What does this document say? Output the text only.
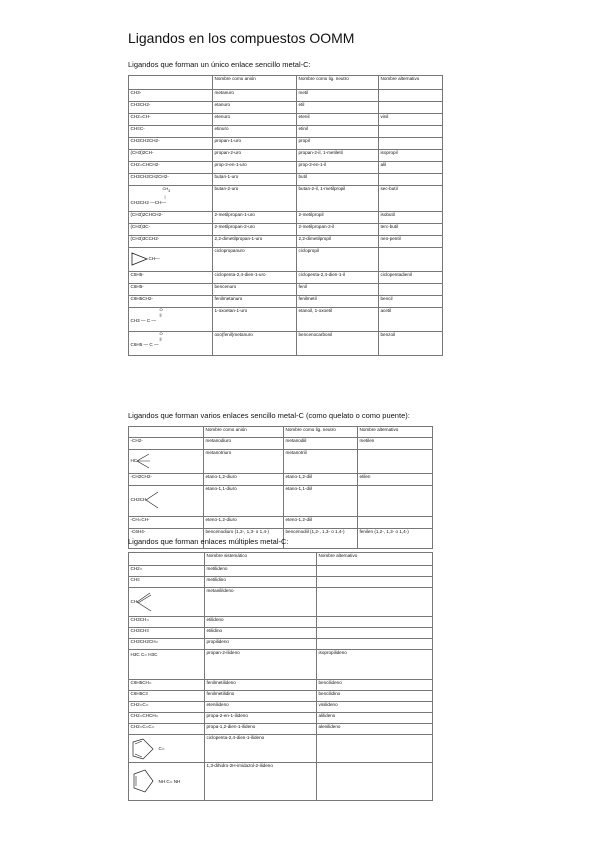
Ligandos en los compuestos OOMM
Ligandos que forman un único enlace sencillo metal-C:
	Nombre como anión	Nombre como lig. neutro	Nombre alternativo
CH3-	metanuro	metil	
CH3CH2-	etanuro	etil	
CH2=CH-	etenuro	etenil	vinil
CH≡C-	etinuro	etinil	
CH3CH2CH2-	propan-1-uro	propil	
(CH3)2CH-	propan-2-uro	propan-2-il, 1-metiletil	isopropil
CH2=CHCH2-	prop-2-en-1-uro	prop-2-en-1-il	alil
CH3CH2CH2CH2-	butan-1-uro	butil	

$CH_3$
|
CH3CH2 —CH—	butan-2-uro	butan-2-il, 1-metilpropil	sec-butil
(CH3)2CHCH2-	2-metilpropan-1-uro	2-metilpropil	isobutil
(CH3)3C-	2-metilpropan-2-uro	2-metilpropan-2-il	terc-butil
(CH3)3CCH2-	2,2-dimetilpropan-1-uro	2,2-dimetilpropil	neo-pentil

CH—	ciclopropanuro	ciclopropil	
C5H5-	ciclopenta-2,4-dien-1-uro	ciclopenta-2,4-dien-1-il	ciclopentadienil
C6H5-	bencenuro	fenil	
C6H5CH2-	fenilmetanuro	fenilmetil	bencil

O
||
CH3 — C —	1-oxoetan-1-uro	etanoil, 1-oxoetil	acetil

O
||
C6H5 — C —	oxo(fenil)metanuro	bencenocarbonil	benzoil
Ligandos que forman varios enlaces sencillo metal-C (como quelato o como puente):
	Nombre como anión	Nombre como lig. neutro	Nombre alternativo
-CH2-	metanodiuro	metanodiil	metilen

HC	metanotriuro	metanotriil	
-CH2CH2-	etano-1,2-diuro	etano-1,2-diil	etilen

CH3CH	etano-1,1-diuro	etano-1,1-diil	
-CH=CH-	eteno-1,2-diuro	eteno-1,2-diil	
-C6H4-	bencenodiuro (1,2-, 1,3- o 1,4-)	bencenodiil (1,2-, 1,3- o 1,4-)	fenilen (1,2-, 1,3- o 1,4-)
Ligandos que forman enlaces múltiples metal-C:
	Nombre sistemático	Nombre alternativo
CH2=	metilideno	
CH≡	metilidino	

CH	metanilildeno	
CH3CH=	etilideno	
CH3CH≡	etilidino	
CH3CH2CH=	propilideno	
H3C C= H3C	propan-2-ilideno	isopropilideno
C6H5CH=	fenilmetilideno	bencilideno
C6H5C≡	fenilmetilidino	bencilidino
CH2=C=	etenilideno	vinilideno
CH2=CHCH=	propa-2-en-1-ilideno	alilideno
CH2=C=C=	propa-1,2-dien-1-ilideno	alenilideno

C=	ciclopenta-2,4-dien-1-ilideno	

NH C= NH	1,3-dihidro-2H-imidazol-2-ilideno	
